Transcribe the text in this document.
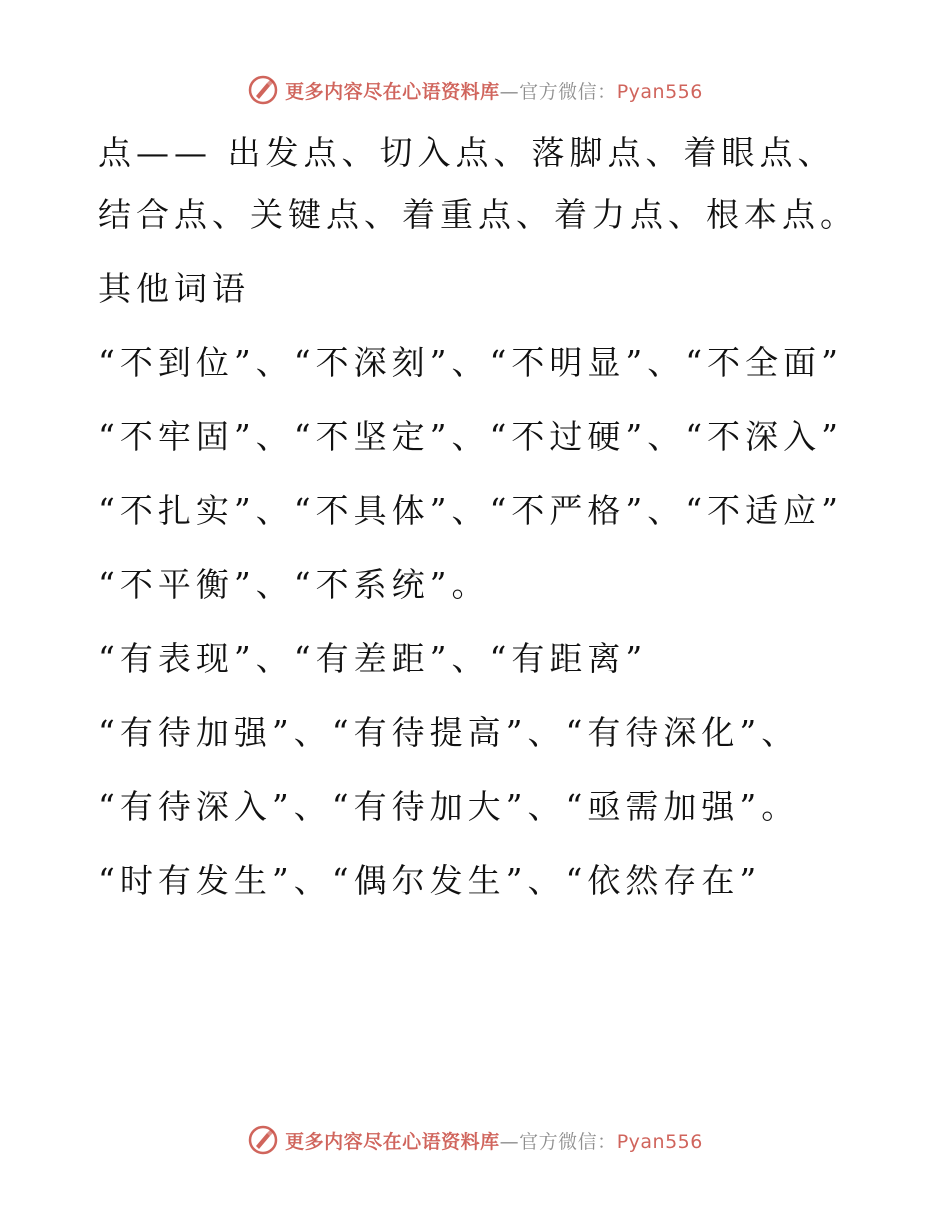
更多内容尽在心语资料库—官方微信：Pyan556

点—— 出发点、切入点、落脚点、着眼点、结合点、关键点、着重点、着力点、根本点。

其他词语

“不到位”、“不深刻”、“不明显”、“不全面”

“不牢固”、“不坚定”、“不过硬”、“不深入”

“不扎实”、“不具体”、“不严格”、“不适应”

“不平衡”、“不系统”。

“有表现”、“有差距”、“有距离”

“有待加强”、“有待提高”、“有待深化”、

“有待深入”、“有待加大”、“亟需加强”。

“时有发生”、“偶尔发生”、“依然存在”

更多内容尽在心语资料库—官方微信：Pyan556
